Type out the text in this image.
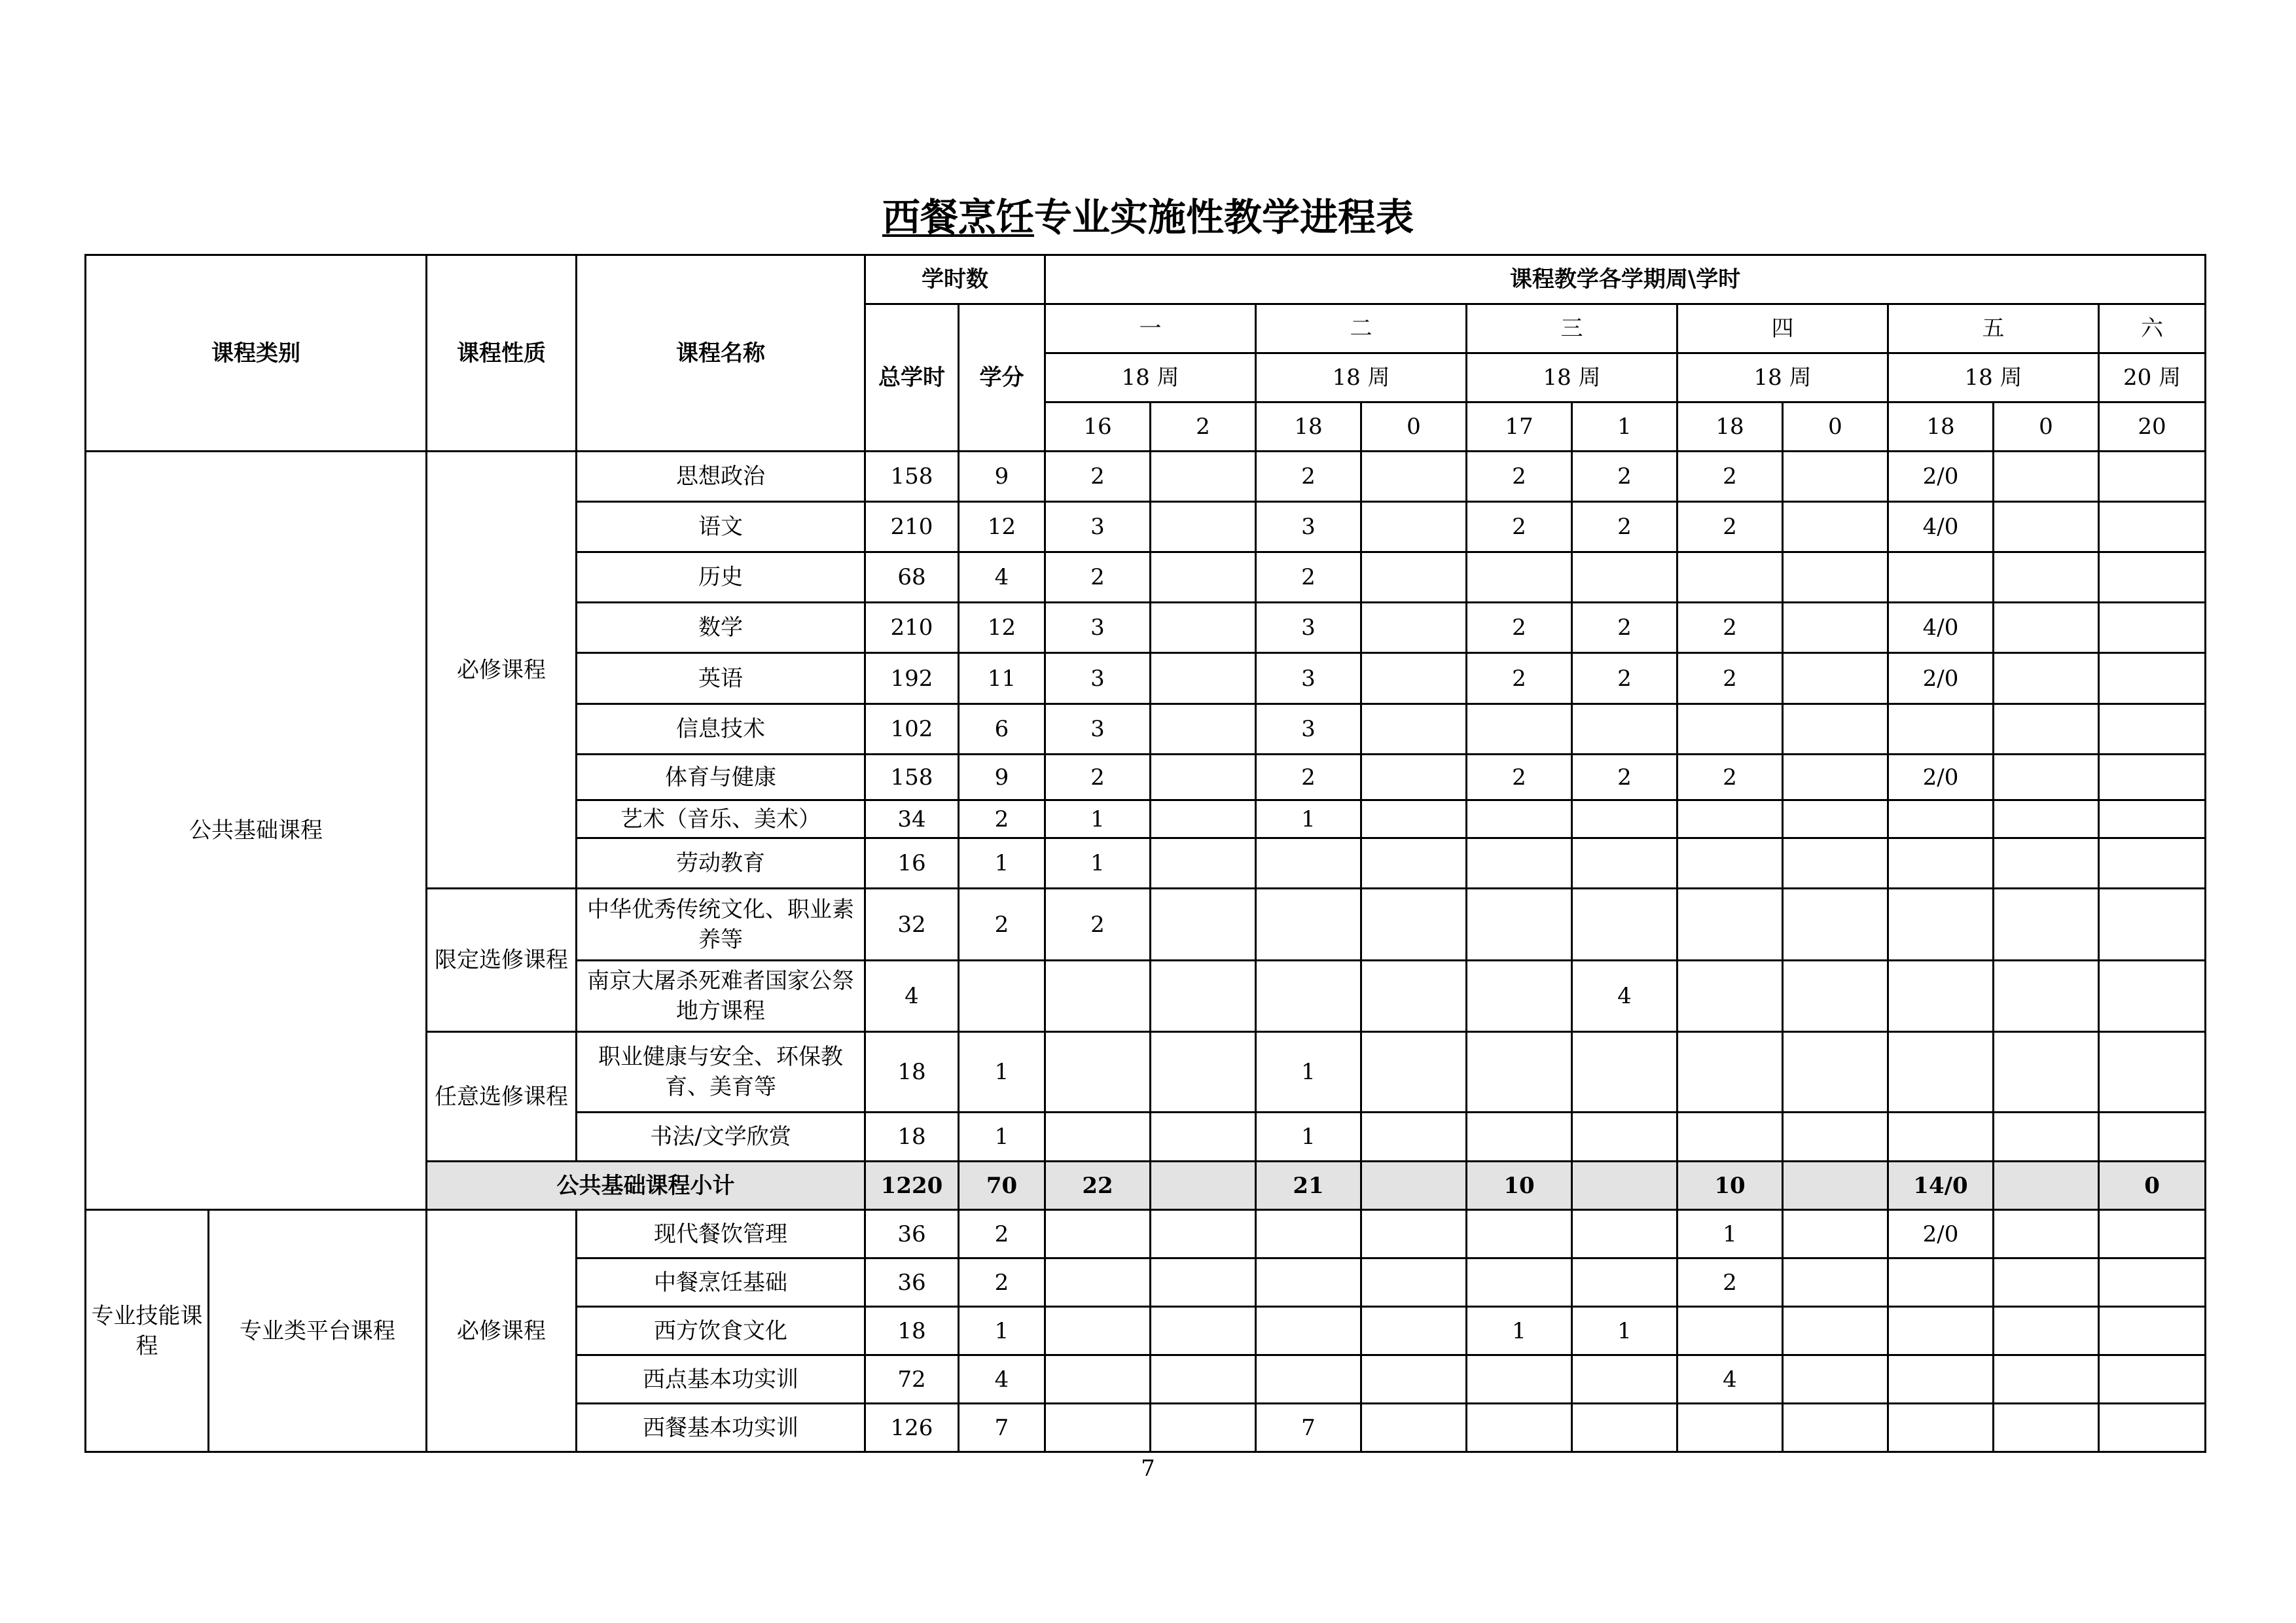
西餐烹饪专业实施性教学进程表
课程类别		课程性质	课程名称	学时数		课程教学各学期周\学时										
				总学时	学分	一		二		三		四		五		六
						18 周		18 周		18 周		18 周		18 周		20 周
						16	2	18	0	17	1	18	0	18	0	20
公共基础课程		必修课程	思想政治	158	9	2		2		2	2	2		2/0		
			语文	210	12	3		3		2	2	2		4/0		
			历史	68	4	2		2								
			数学	210	12	3		3		2	2	2		4/0		
			英语	192	11	3		3		2	2	2		2/0		
			信息技术	102	6	3		3								
			体育与健康	158	9	2		2		2	2	2		2/0		
			艺术（音乐、美术）	34	2	1		1								
			劳动教育	16	1	1										
		限定选修课程	中华优秀传统文化、职业素养等	32	2	2										
			南京大屠杀死难者国家公祭地方课程	4							4					
		任意选修课程	职业健康与安全、环保教育、美育等	18	1			1								
			书法/文学欣赏	18	1			1								
		公共基础课程小计		1220	70	22		21		10		10		14/0		0
专业技能课程	专业类平台课程	必修课程	现代餐饮管理	36	2							1		2/0		
			中餐烹饪基础	36	2							2				
			西方饮食文化	18	1					1	1					
			西点基本功实训	72	4							4				
			西餐基本功实训	126	7			7								
7
